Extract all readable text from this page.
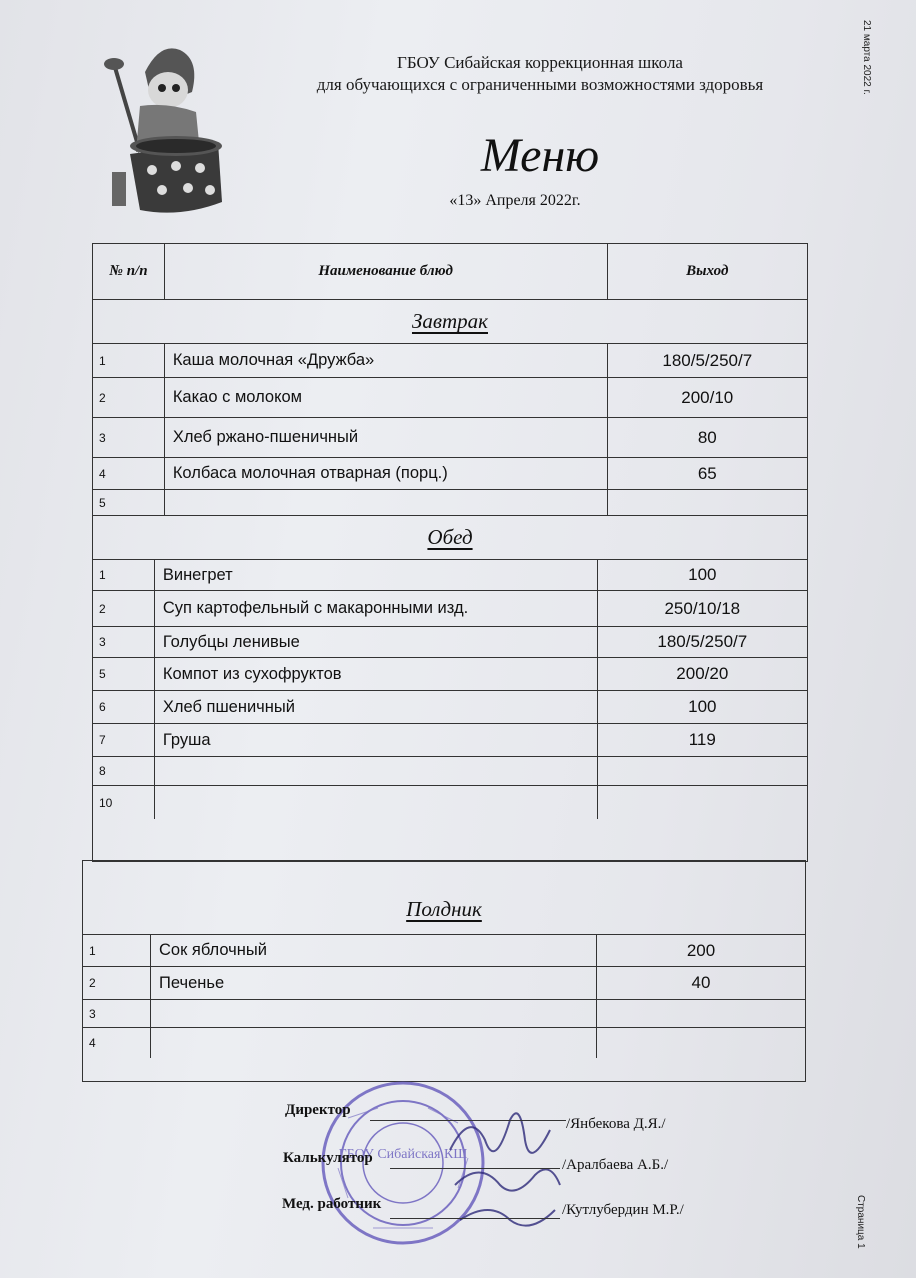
21 марта 2022 г.
Страница 1
ГБОУ Сибайская коррекционная школа
для обучающихся с ограниченными возможностями здоровья
Меню
«13» Апреля 2022г.
№ п/п	Наименование блюд	Выход
Завтрак
1	Каша молочная «Дружба»	180/5/250/7
2	Какао с молоком	200/10
3	Хлеб ржано-пшеничный	80
4	Колбаса молочная отварная (порц.)	65
5
Обед
1	Винегрет	100
2	Суп картофельный с макаронными изд.	250/10/18
3	Голубцы ленивые	180/5/250/7
5	Компот из сухофруктов	200/20
6	Хлеб пшеничный	100
7	Груша	119
8
10
Полдник
1	Сок яблочный	200
2	Печенье	40
3
4
ГБОУ Сибайская КШ
Директор
/Янбекова Д.Я./
Калькулятор	/Аралбаева А.Б./
Мед. работник	/Кутлубердин М.Р./
